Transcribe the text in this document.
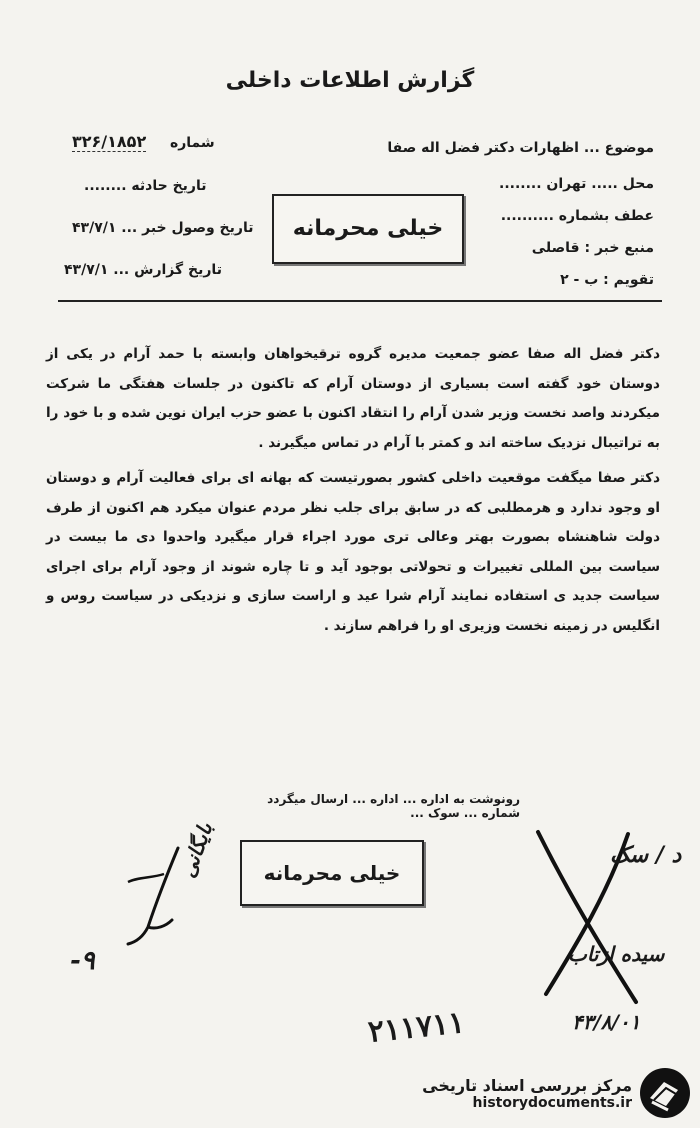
گزارش اطلاعات داخلی
موضوع ... اظهارات دکتر فضل اله صفا
محل ..... تهران ........
عطف بشماره ..........
منبع خبر : قاصلی
تقویم : ب - ۲
شماره  ۳۲۶/۱۸۵۲
تاریخ حادثه ........
تاریخ وصول خبر ... ۴۳/۷/۱
تاریخ گزارش ... ۴۳/۷/۱
خیلی محرمانه

دکتر فضل اله صفا عضو جمعیت مدیره گروه ترقیخواهان وابسته با حمد آرام در یکی از دوستان خود گفته است بسیاری از دوستان آرام که تاکنون در جلسات هفتگی ما شرکت میکردند واصد نخست وزیر شدن آرام را انتقاد اکنون با عضو حزب ایران نوین شده و با خود را به تراتیبال نزدیک ساخته اند و کمتر با آرام در تماس میگیرند .

دکتر صفا میگفت موقعیت داخلی کشور بصورتیست که بهانه ای برای فعالیت آرام و دوستان او وجود ندارد و هرمطلبی که در سابق برای جلب نظر مردم عنوان میکرد هم اکنون از طرف دولت شاهنشاه بصورت بهتر وعالی تری مورد اجراء قرار میگیرد واحدوا دی ما بیست در سیاست بین المللی تغییرات و تحولاتی بوجود آید و تا چاره شوند از وجود آرام برای اجرای سیاست جدید ی استفاده نمایند آرام شرا عید و اراست سازی و نزدیکی در سیاست روس و انگلیس در زمینه نخست وزیری او را فراهم سازند .

رونوشت به اداره ... اداره ... ارسال میگردد شماره ... سوک ...
خیلی محرمانه
۲۱۱۷۱۱
د / سک
سیده ازتاب
۴۳/۸/۰۱
۹-
بایگانی
مرکز بررسی اسناد تاریخی
historydocuments.ir
